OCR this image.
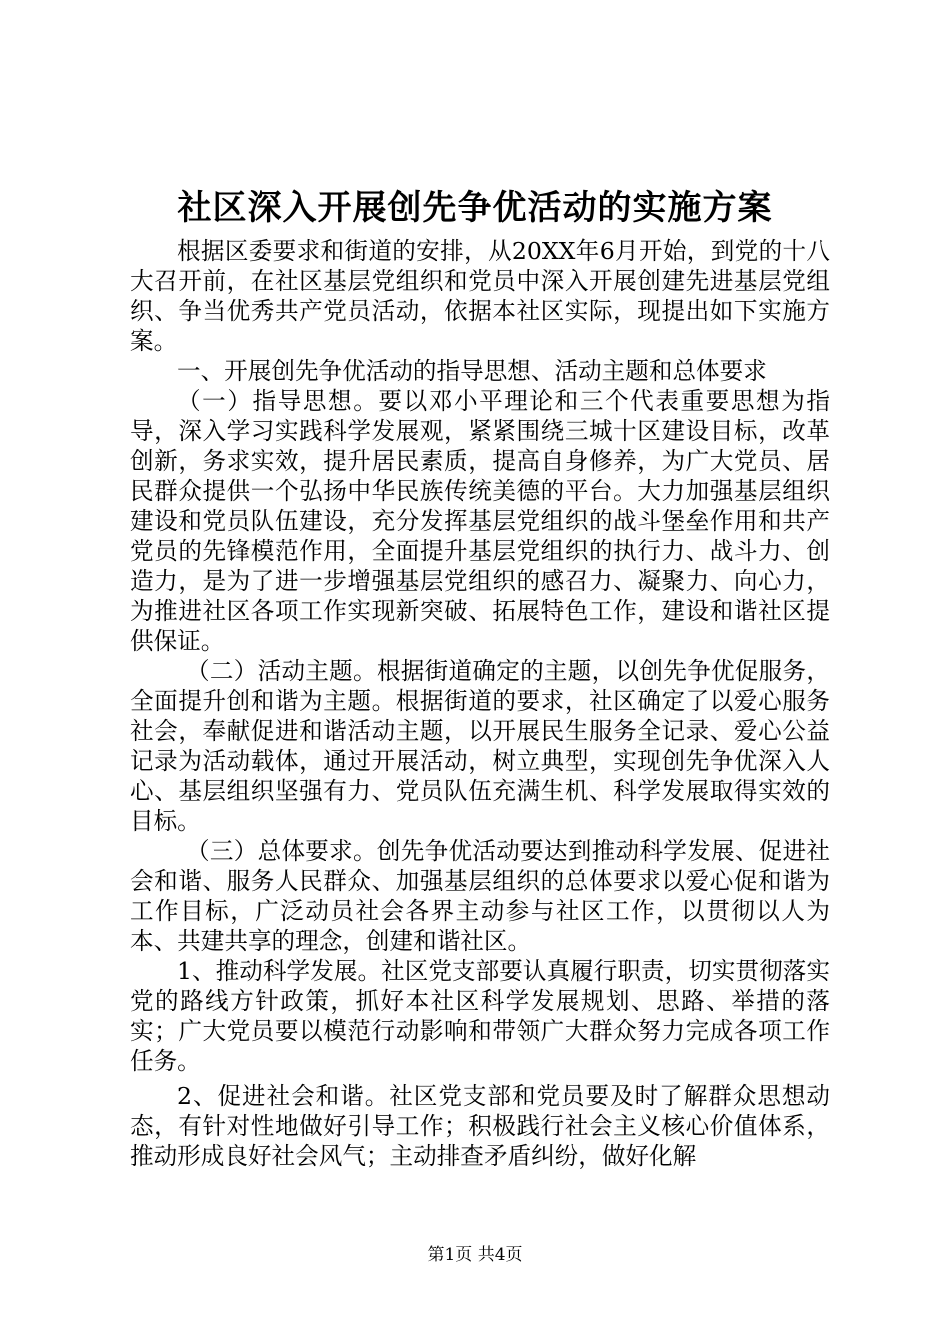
社区深入开展创先争优活动的实施方案

根据区委要求和街道的安排，从20XX年6月开始，到党的十八大召开前，在社区基层党组织和党员中深入开展创建先进基层党组织、争当优秀共产党员活动，依据本社区实际，现提出如下实施方案。

一、开展创先争优活动的指导思想、活动主题和总体要求

（一）指导思想。要以邓小平理论和三个代表重要思想为指导，深入学习实践科学发展观，紧紧围绕三城十区建设目标，改革创新，务求实效，提升居民素质，提高自身修养，为广大党员、居民群众提供一个弘扬中华民族传统美德的平台。大力加强基层组织建设和党员队伍建设，充分发挥基层党组织的战斗堡垒作用和共产党员的先锋模范作用，全面提升基层党组织的执行力、战斗力、创造力，是为了进一步增强基层党组织的感召力、凝聚力、向心力，为推进社区各项工作实现新突破、拓展特色工作，建设和谐社区提供保证。

（二）活动主题。根据街道确定的主题，以创先争优促服务，全面提升创和谐为主题。根据街道的要求，社区确定了以爱心服务社会，奉献促进和谐活动主题，以开展民生服务全记录、爱心公益记录为活动载体，通过开展活动，树立典型，实现创先争优深入人心、基层组织坚强有力、党员队伍充满生机、科学发展取得实效的目标。

（三）总体要求。创先争优活动要达到推动科学发展、促进社会和谐、服务人民群众、加强基层组织的总体要求以爱心促和谐为工作目标，广泛动员社会各界主动参与社区工作，以贯彻以人为本、共建共享的理念，创建和谐社区。

1、推动科学发展。社区党支部要认真履行职责，切实贯彻落实党的路线方针政策，抓好本社区科学发展规划、思路、举措的落实；广大党员要以模范行动影响和带领广大群众努力完成各项工作任务。

2、促进社会和谐。社区党支部和党员要及时了解群众思想动态，有针对性地做好引导工作；积极践行社会主义核心价值体系，推动形成良好社会风气；主动排查矛盾纠纷，做好化解

第1页 共4页
